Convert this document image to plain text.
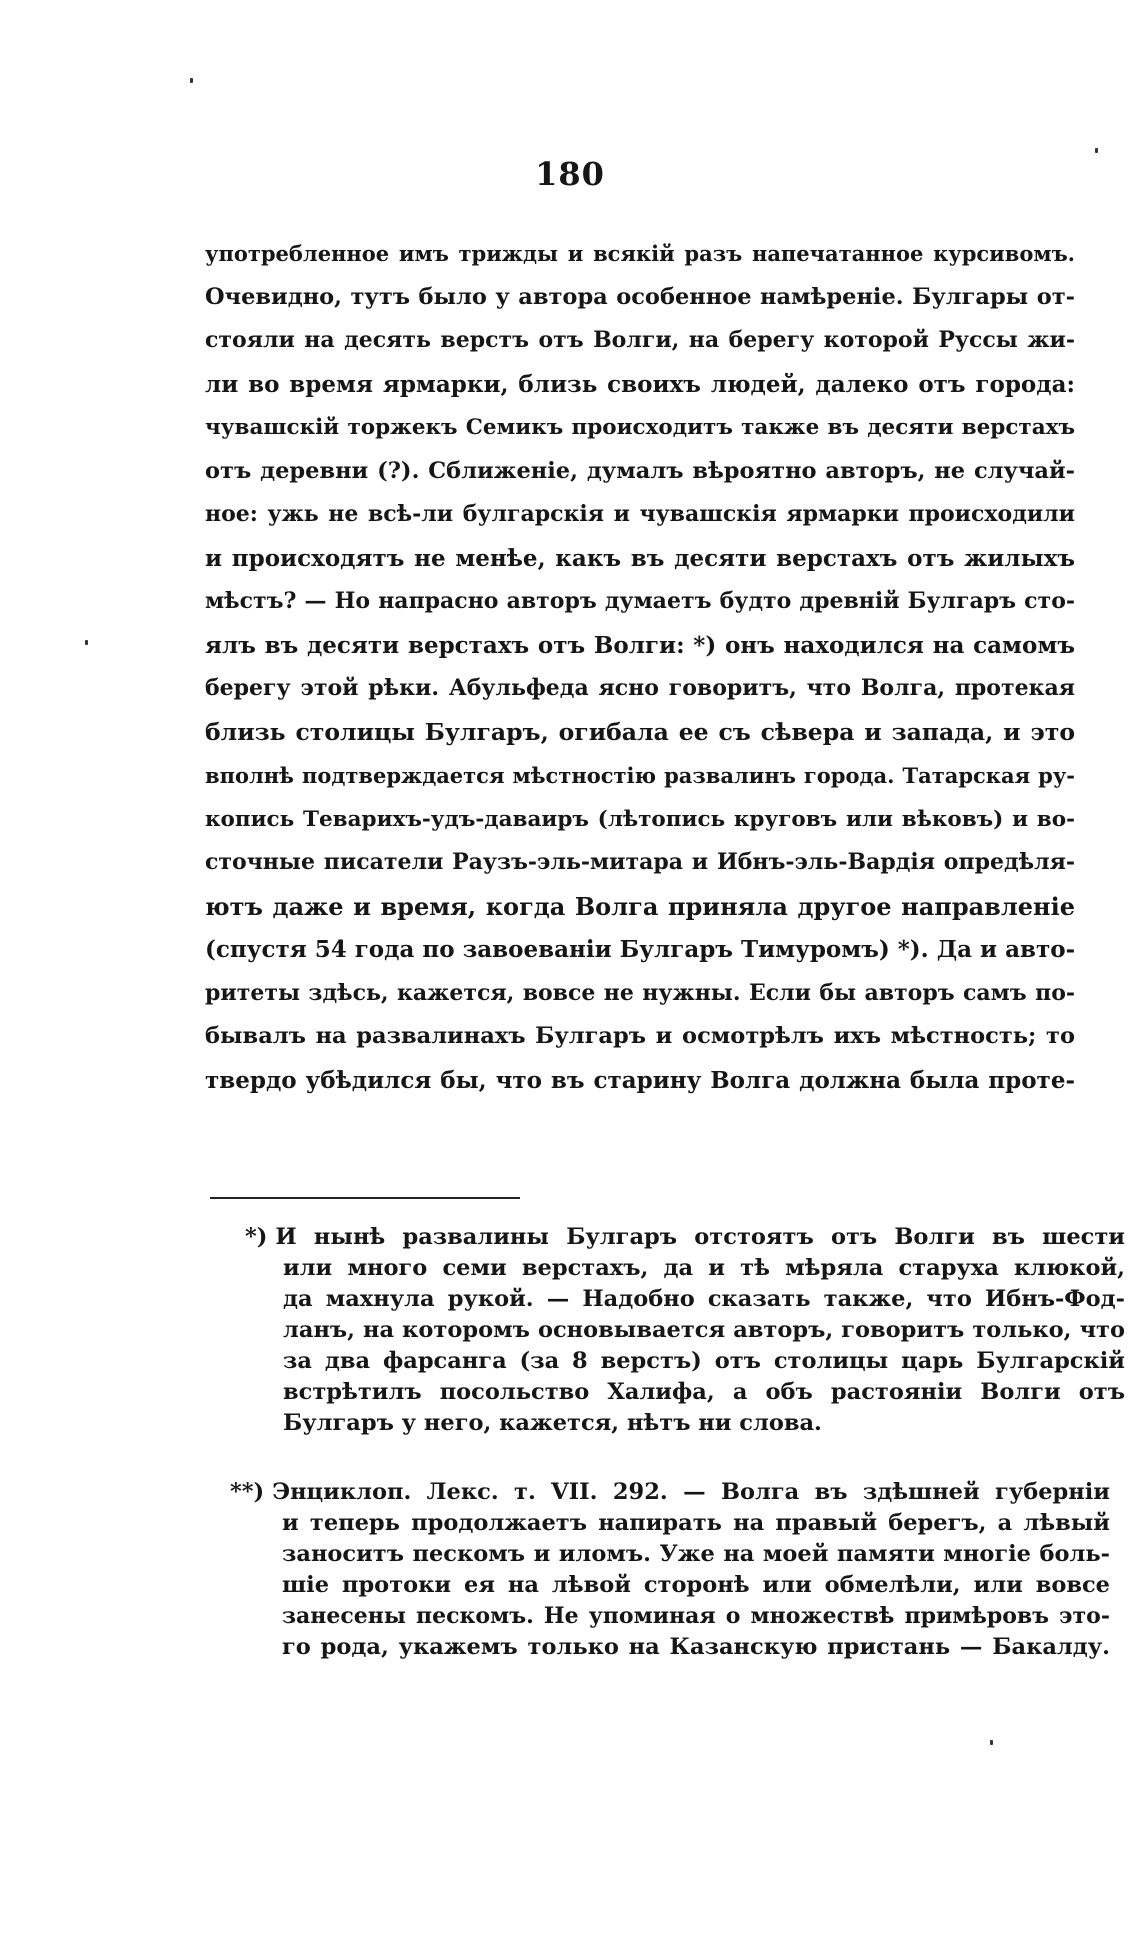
180
употребленное имъ трижды и всякій разъ напечатанное курсивомъ.
Очевидно, тутъ было у автора особенное намѣреніе. Булгары от-
стояли на десять верстъ отъ Волги, на берегу которой Руссы жи-
ли во время ярмарки, близь своихъ людей, далеко отъ города:
чувашскій торжекъ Семикъ происходитъ также въ десяти верстахъ
отъ деревни (?). Сближеніе, думалъ вѣроятно авторъ, не случай-
ное: ужь не всѣ-ли булгарскія и чувашскія ярмарки происходили
и происходятъ не менѣе, какъ въ десяти верстахъ отъ жилыхъ
мѣстъ? — Но напрасно авторъ думаетъ будто древній Булгаръ сто-
ялъ въ десяти верстахъ отъ Волги: *) онъ находился на самомъ
берегу этой рѣки. Абульфеда ясно говоритъ, что Волга, протекая
близь столицы Булгаръ, огибала ее съ сѣвера и запада, и это
вполнѣ подтверждается мѣстностію развалинъ города. Татарская ру-
копись Теварихъ-удъ-даваиръ (лѣтопись круговъ или вѣковъ) и во-
сточные писатели Раузъ-эль-митара и Ибнъ-эль-Вардія опредѣля-
ютъ даже и время, когда Волга приняла другое направленіе
(спустя 54 года по завоеваніи Булгаръ Тимуромъ) *). Да и авто-
ритеты здѣсь, кажется, вовсе не нужны. Если бы авторъ самъ по-
бывалъ на развалинахъ Булгаръ и осмотрѣлъ ихъ мѣстность; то
твердо убѣдился бы, что въ старину Волга должна была проте-
*) И нынѣ развалины Булгаръ отстоятъ отъ Волги въ шести
или много семи верстахъ, да и тѣ мѣряла старуха клюкой,
да махнула рукой. — Надобно сказать также, что Ибнъ-Фод-
ланъ, на которомъ основывается авторъ, говоритъ только, что
за два фарсанга (за 8 верстъ) отъ столицы царь Булгарскій
встрѣтилъ посольство Халифа, а объ растояніи Волги отъ
Булгаръ у него, кажется, нѣтъ ни слова.
**) Энциклоп. Лекс. т. VII. 292. — Волга въ здѣшней губерніи
и теперь продолжаетъ напирать на правый берегъ, а лѣвый
заноситъ пескомъ и иломъ. Уже на моей памяти многіе боль-
шіе протоки ея на лѣвой сторонѣ или обмелѣли, или вовсе
занесены пескомъ. Не упоминая о множествѣ примѣровъ это-
го рода, укажемъ только на Казанскую пристань — Бакалду.
